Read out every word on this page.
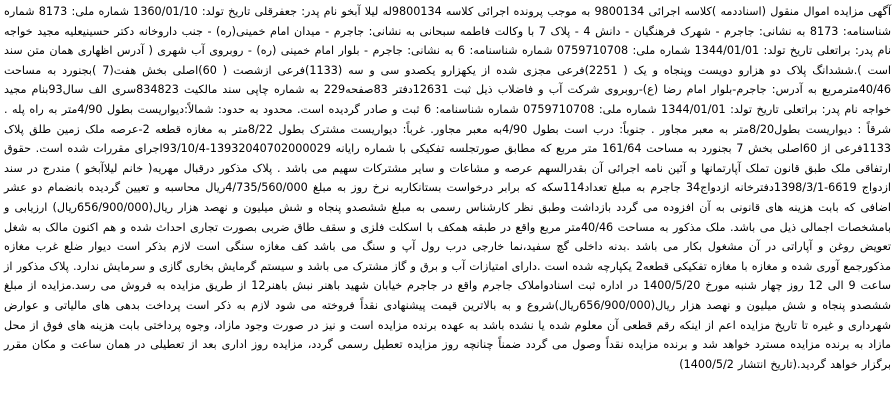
آگهی مزایده اموال منقول (اسناددمه )کلاسه اجرائی 9800134 به موجب پرونده اجرائی کلاسه 9800134له لیلا آبخو نام پدر: جعفرقلی تاریخ تولد: 1360/01/10 شماره ملی: 8173 شماره شناسنامه: 8173 به نشانی: جاجرم - شهرک فرهنگیان - دانش 4 - پلاک 7 با وکالت فاطمه سبحانی به نشانی: جاجرم - میدان امام خمینی(ره) - جنب داروخانه دکتر حسینیعلیه مجید خواجه نام پدر: براتعلی تاریخ تولد: 1344/01/01 شماره ملی: 0759710708 شماره شناسنامه: 6 به نشانی: جاجرم - بلوار امام خمینی (ره) - روبروی آب شهری ( آدرس اظهاری همان متن سند است ).ششدانگ پلاک دو هزارو دویست وپنجاه و یک ( 2251)فرعی مجزی شده از یکهزارو یکصدو سی و سه (1133)فرعی ازشصت ( 60)اصلی بخش هفت(7 )بجنورد به مساحت 40/46مترمربع به آدرس: جاجرم-بلوار امام رضا (ع)-روبروی شرکت آب و فاضلاب ذیل ثبت 12631دفتر 83صفحه229 به شماره چاپی سند مالکیت 834823سری الف سال93بنام مجید خواجه نام پدر: براتعلی تاریخ تولد: 1344/01/01 شماره ملی: 0759710708 شماره شناسنامه: 6 ثبت و صادر گردیده است. محدود به حدود: شمالاً:دیواریست بطول 4/90متر به راه پله . شرقاً : دیواریست بطول8/20متر به معبر مجاور . جنوباً: درب است بطول 4/90به معبر مجاور. غرباً: دیواریست مشترک بطول 8/22متر به مغازه قطعه 2-عرصه ملک زمین طلق پلاک 1133فرعی از 60اصلی بخش 7 بجنورد به مساحت 161/64 متر مربع که مطابق صورتجلسه تفکیکی با شماره رایانه 13932040702000029-93/10/4اجرای مقررات شده است. حقوق ارتفاقی ملک طبق قانون تملک آپارتمانها و آئین نامه اجرائی آن بقدرالسهم عرصه و مشاعات و سایر مشترکات سهیم می باشد . پلاک مذکور درقبال مهریه( خانم لیلاآبخو ) مندرج در سند ازدواج 6619-1398/3/1دفترخانه ازدواج34 جاجرم به مبلغ تعداد114سکه که برابر درخواست بستانکاربه نرخ روز به مبلغ 4/735/560/000ریال محاسبه و تعیین گردیده بانضمام دو عشر اضافی که بابت هزینه های قانونی به آن افزوده می گردد بازداشت وطبق نظر کارشناس رسمی به مبلغ ششصدو پنجاه و شش میلیون و نهصد هزار ریال(656/900/000ریال) ارزیابی و بامشخصات اجمالی ذیل می باشد. ملک مذکور به مساحت 40/46متر مربع واقع در طبقه همکف با اسکلت فلزی و سقف طاق ضربی بصورت تجاری احداث شده و هم اکنون مالک به شغل تعویض روغن و آپاراتی در آن مشغول بکار می باشد .بدنه داخلی گچ سفید،نما خارجی درب رول آپ و سنگ می باشد کف مغازه سنگی است لازم بذکر است دیوار ضلع غرب مغازه مذکورجمع آوری شده و مغازه با مغازه تفکیکی قطعه2 یکپارچه شده است .دارای امتیازات آب و برق و گاز مشترک می باشد و سیستم گرمایش بخاری گازی و سرمایش ندارد. پلاک مذکور از ساعت 9 الی 12 روز چهار شنبه مورخ 1400/5/20 در اداره ثبت اسنادواملاک جاجرم واقع در جاجرم خیابان شهید باهنر نبش باهنر12 از طریق مزایده به فروش می رسد.مزایده از مبلغ ششصدو پنجاه و شش میلیون و نهصد هزار ریال(656/900/000ریال)شروع و به بالاترین قیمت پیشنهادی نقداً فروخته می شود لازم به ذکر است پرداخت بدهی های مالیاتی و عوارض شهرداری و غیره تا تاریخ مزایده اعم از اینکه رقم قطعی آن معلوم شده یا نشده باشد به عهده برنده مزایده است و نیز در صورت وجود مازاد، وجوه پرداختی بابت هزینه های فوق از محل مازاد به برنده مزایده مسترد خواهد شد و برنده مزایده نقداً وصول می گردد ضمناً چنانچه روز مزایده تعطیل رسمی گردد، مزایده روز اداری بعد از تعطیلی در همان ساعت و مکان مقرر برگزار خواهد گردید.(تاریخ انتشار 1400/5/2)
